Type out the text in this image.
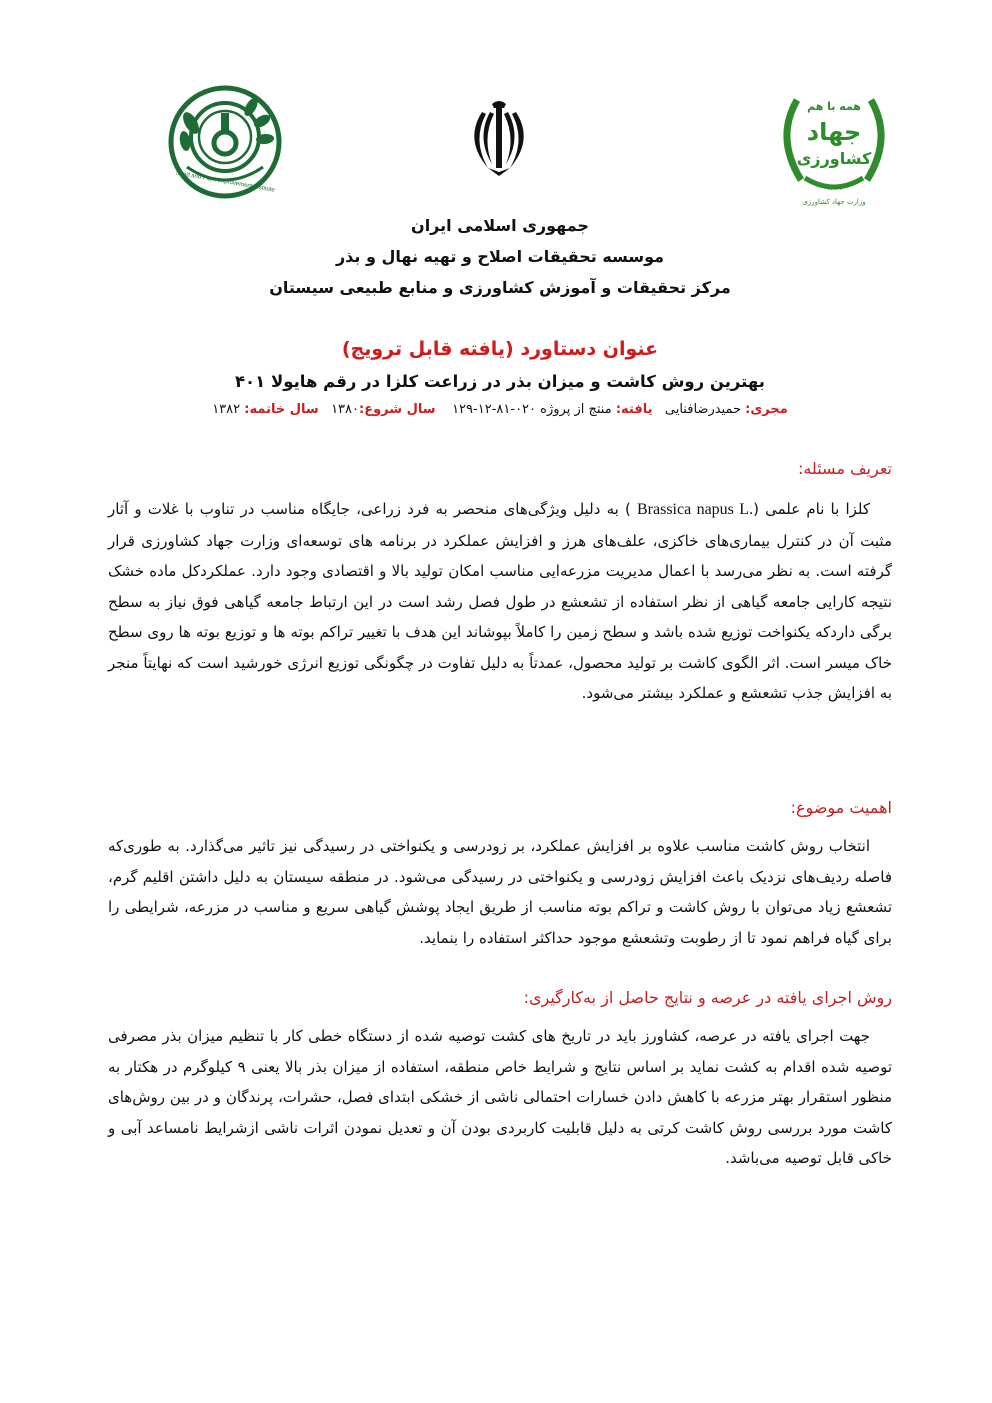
Seed and Plant Improvement Institute
همه با هم
جهاد
کشاورزی
۱۳۷۹
وزارت جهاد کشاورزی
جمهوری اسلامی ایران
موسسه تحقیقات اصلاح و تهیه نهال و بذر
مرکز تحقیقات و آموزش کشاورزی و منابع طبیعی سیستان
عنوان دستاورد (یافته قابل ترویج)
بهترین روش کاشت و میزان بذر در زراعت کلزا در رقم هایولا ۴۰۱
مجری: حمیدرضافنایی   یافته: منتج از پروژه ۰۲۰-۸۱-۱۲-۱۲۹    سال شروع:۱۳۸۰   سال خاتمه: ۱۳۸۲
تعریف مسئله:

کلزا با نام علمی (Brassica napus L. ) به دلیل ویژگی‌های منحصر به فرد زراعی، جایگاه مناسب در تناوب با غلات و آثار مثبت آن در کنترل بیماری‌های خاکزی، علف‌های هرز و افزایش عملکرد در برنامه های توسعه‌ای وزارت جهاد کشاورزی قرار گرفته است. به نظر می‌رسد با اعمال مدیریت مزرعه‌ایی مناسب امکان تولید بالا و اقتصادی وجود دارد. عملکردکل ماده خشک نتیجه کارایی جامعه گیاهی از نظر استفاده از تشعشع در طول فصل رشد است در این ارتباط جامعه گیاهی فوق نیاز به سطح برگی داردکه یکنواخت توزیع شده باشد و سطح زمین را کاملاً بپوشاند این هدف با تغییر تراکم بوته ها و توزیع بوته ها روی سطح خاک میسر است. اثر الگوی کاشت بر تولید محصول، عمدتاً به دلیل تفاوت در چگونگی توزیع انرژی خورشید است که نهایتاً منجر به افزایش جذب تشعشع و عملکرد بیشتر می‌شود.

اهمیت موضوع:

انتخاب روش کاشت مناسب علاوه بر افزایش عملکرد، بر زودرسی و یکنواختی در رسیدگی نیز تاثیر می‌گذارد. به طوری‌که فاصله ردیف‌های نزدیک باعث افزایش زودرسی و یکنواختی در رسیدگی می‌شود. در منطقه سیستان به دلیل داشتن اقلیم گرم، تشعشع زیاد می‌توان با روش کاشت و تراکم بوته مناسب از طریق ایجاد پوشش گیاهی سریع و مناسب در مزرعه، شرایطی را برای گیاه فراهم نمود تا از رطوبت وتشعشع موجود حداکثر استفاده را بنماید.

روش اجرای یافته در عرصه و نتایج حاصل از به‌کارگیری:

جهت اجرای یافته در عرصه، کشاورز باید در تاریخ های کشت توصیه شده از دستگاه خطی کار با تنظیم میزان بذر مصرفی توصیه شده اقدام به کشت نماید بر اساس نتایج و شرایط خاص منطقه، استفاده از میزان بذر بالا یعنی ۹ کیلوگرم در هکتار به منظور استقرار بهتر مزرعه با کاهش دادن خسارات احتمالی ناشی از خشکی ابتدای فصل، حشرات، پرندگان و در بین روش‌های کاشت مورد بررسی روش کاشت کرتی به دلیل قابلیت کاربردی بودن آن و تعدیل نمودن اثرات ناشی ازشرایط نامساعد آبی و خاکی قابل توصیه می‌باشد.
